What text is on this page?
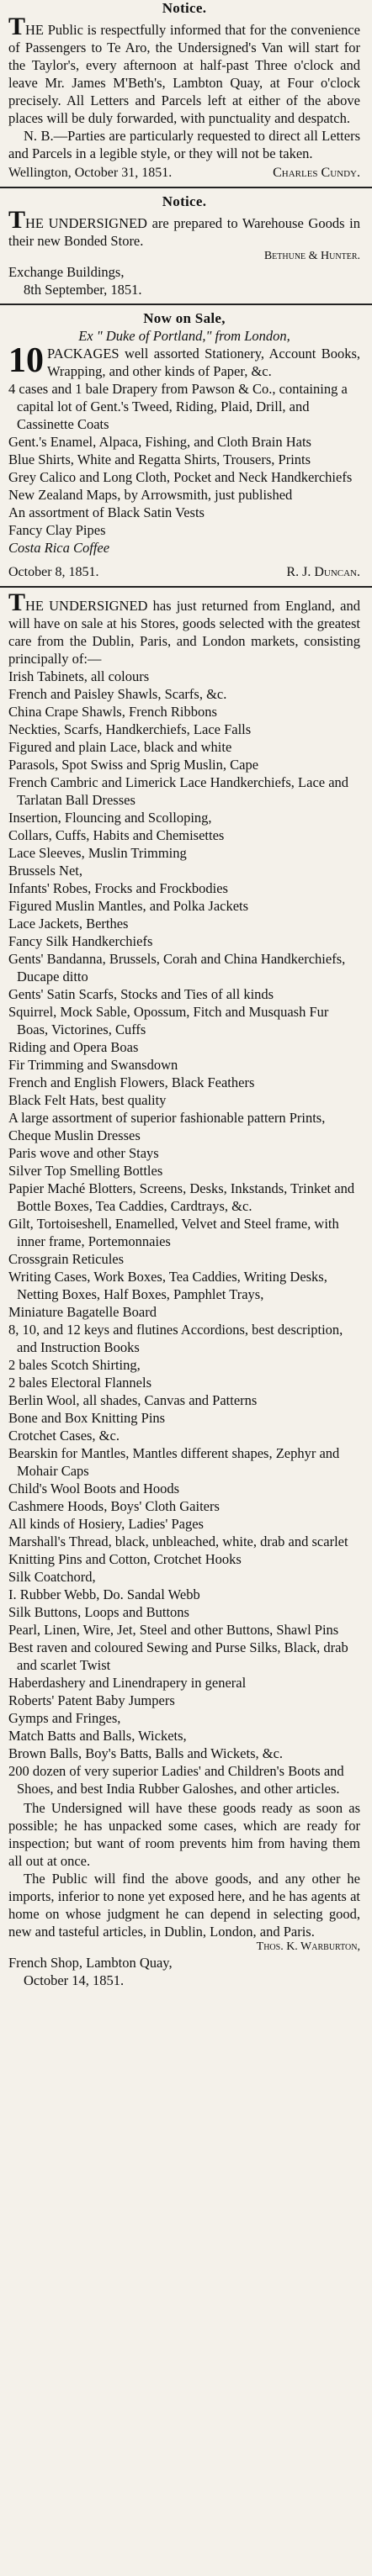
Notice.

THE Public is respectfully informed that for the convenience of Passengers to Te Aro, the Undersigned's Van will start for the Taylor's, every afternoon at half-past Three o'clock and leave Mr. James M'Beth's, Lambton Quay, at Four o'clock precisely. All Letters and Parcels left at either of the above places will be duly forwarded, with punctuality and despatch.

N. B.—Parties are particularly requested to direct all Letters and Parcels in a legible style, or they will not be taken.

Wellington, October 31, 1851.	Charles Cundy.

Notice.

THE UNDERSIGNED are prepared to Warehouse Goods in their new Bonded Store.

Bethune & Hunter.

Exchange Buildings,

8th September, 1851.

Now on Sale,

Ex " Duke of Portland," from London,

10 PACKAGES well assorted Stationery, Account Books, Wrapping, and other kinds of Paper, &c.

4 cases and 1 bale Drapery from Pawson & Co., containing a capital lot of Gent.'s Tweed, Riding, Plaid, Drill, and Cassinette Coats

Gent.'s Enamel, Alpaca, Fishing, and Cloth Brain Hats

Blue Shirts, White and Regatta Shirts, Trousers, Prints

Grey Calico and Long Cloth, Pocket and Neck Handkerchiefs

New Zealand Maps, by Arrowsmith, just published

An assortment of Black Satin Vests

Fancy Clay Pipes

Costa Rica Coffee

October 8, 1851.	R. J. Duncan.

THE UNDERSIGNED has just returned from England, and will have on sale at his Stores, goods selected with the greatest care from the Dublin, Paris, and London markets, consisting principally of:—

Irish Tabinets, all colours

French and Paisley Shawls, Scarfs, &c.

China Crape Shawls, French Ribbons

Neckties, Scarfs, Handkerchiefs, Lace Falls

Figured and plain Lace, black and white

Parasols, Spot Swiss and Sprig Muslin, Cape

French Cambric and Limerick Lace Handkerchiefs, Lace and Tarlatan Ball Dresses

Insertion, Flouncing and Scolloping,

Collars, Cuffs, Habits and Chemisettes

Lace Sleeves, Muslin Trimming

Brussels Net,

Infants' Robes, Frocks and Frockbodies

Figured Muslin Mantles, and Polka Jackets

Lace Jackets, Berthes

Fancy Silk Handkerchiefs

Gents' Bandanna, Brussels, Corah and China Handkerchiefs, Ducape ditto

Gents' Satin Scarfs, Stocks and Ties of all kinds

Squirrel, Mock Sable, Opossum, Fitch and Musquash Fur Boas, Victorines, Cuffs

Riding and Opera Boas

Fir Trimming and Swansdown

French and English Flowers, Black Feathers

Black Felt Hats, best quality

A large assortment of superior fashionable pattern Prints,

Cheque Muslin Dresses

Paris wove and other Stays

Silver Top Smelling Bottles

Papier Maché Blotters, Screens, Desks, Inkstands, Trinket and Bottle Boxes, Tea Caddies, Cardtrays, &c.

Gilt, Tortoiseshell, Enamelled, Velvet and Steel frame, with inner frame, Portemonnaies

Crossgrain Reticules

Writing Cases, Work Boxes, Tea Caddies, Writing Desks, Netting Boxes, Half Boxes, Pamphlet Trays,

Miniature Bagatelle Board

8, 10, and 12 keys and flutines Accordions, best description, and Instruction Books

2 bales Scotch Shirting,

2 bales Electoral Flannels

Berlin Wool, all shades, Canvas and Patterns

Bone and Box Knitting Pins

Crotchet Cases, &c.

Bearskin for Mantles, Mantles different shapes, Zephyr and Mohair Caps

Child's Wool Boots and Hoods

Cashmere Hoods, Boys' Cloth Gaiters

All kinds of Hosiery, Ladies' Pages

Marshall's Thread, black, unbleached, white, drab and scarlet

Knitting Pins and Cotton, Crotchet Hooks

Silk Coatchord,

I. Rubber Webb, Do. Sandal Webb

Silk Buttons, Loops and Buttons

Pearl, Linen, Wire, Jet, Steel and other Buttons, Shawl Pins

Best raven and coloured Sewing and Purse Silks, Black, drab and scarlet Twist

Haberdashery and Linendrapery in general

Roberts' Patent Baby Jumpers

Gymps and Fringes,

Match Batts and Balls, Wickets,

Brown Balls, Boy's Batts, Balls and Wickets, &c.

200 dozen of very superior Ladies' and Children's Boots and Shoes, and best India Rubber Galoshes, and other articles.

The Undersigned will have these goods ready as soon as possible; he has unpacked some cases, which are ready for inspection; but want of room prevents him from having them all out at once.

The Public will find the above goods, and any other he imports, inferior to none yet exposed here, and he has agents at home on whose judgment he can depend in selecting good, new and tasteful articles, in Dublin, London, and Paris.

Thos. K. Warburton,

French Shop, Lambton Quay,

October 14, 1851.
